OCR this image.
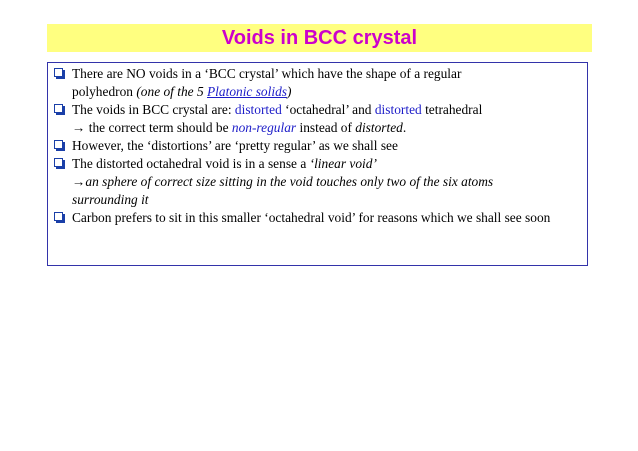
Voids in BCC crystal
There are NO voids in a ‘BCC crystal’ which have the shape of a regular
polyhedron (one of the 5 Platonic solids)
The voids in BCC crystal are: distorted ‘octahedral’ and distorted tetrahedral
→ the correct term should be non-regular instead of distorted.
However, the ‘distortions’ are ‘pretty regular’ as we shall see
The distorted octahedral void is in a sense a ‘linear void’
→an sphere of correct size sitting in the void touches only two of the six atoms
surrounding it
Carbon prefers to sit in this smaller ‘octahedral void’ for reasons which we shall see soon
